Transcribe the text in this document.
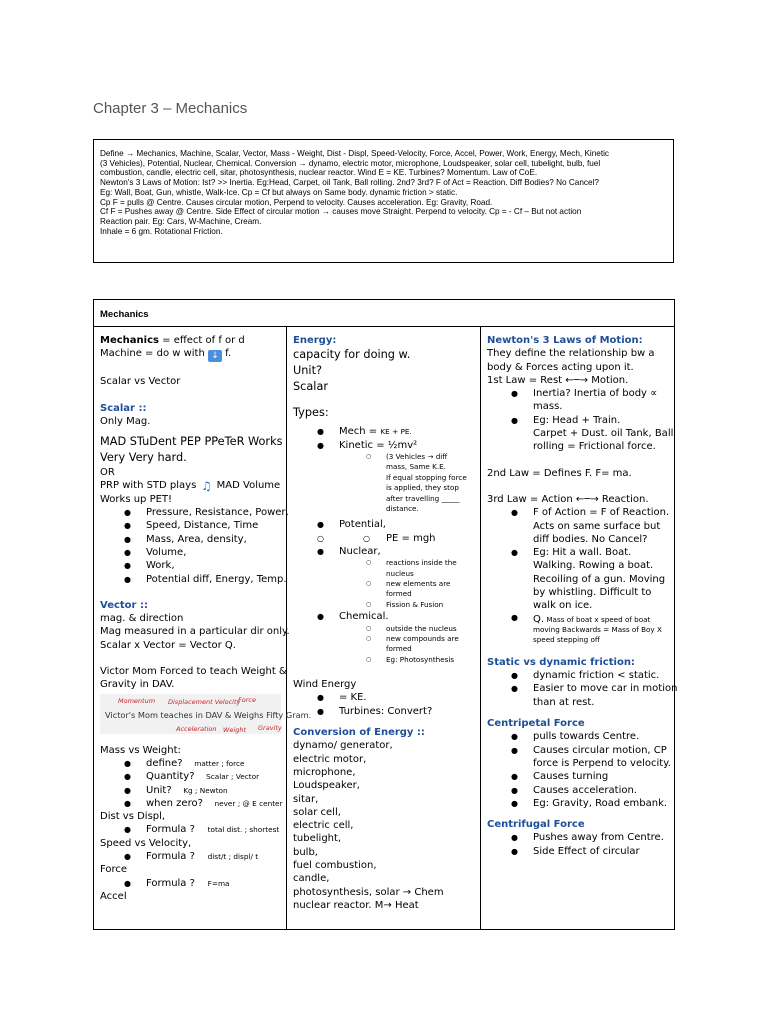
Chapter 3 – Mechanics
Define → Mechanics, Machine, Scalar, Vector, Mass - Weight, Dist - Displ, Speed-Velocity, Force, Accel, Power, Work, Energy, Mech, Kinetic
(3 Vehicles), Potential, Nuclear, Chemical. Conversion → dynamo, electric motor, microphone, Loudspeaker, solar cell, tubelight, bulb, fuel
combustion, candle, electric cell, sitar, photosynthesis, nuclear reactor. Wind E = KE. Turbines? Momentum. Law of CoE.
Newton's 3 Laws of Motion: Ist? >> Inertia. Eg:Head, Carpet, oil Tank, Ball rolling. 2nd? 3rd? F of Act = Reaction. Diff Bodies? No Cancel?
Eg: Wall, Boat, Gun, whistle, Walk-Ice. Cp = Cf but always on Same body. dynamic friction > static.
Cp F = pulls @ Centre. Causes circular motion, Perpend to velocity. Causes acceleration. Eg: Gravity, Road.
Cf F = Pushes away @ Centre. Side Effect of circular motion → causes move Straight. Perpend to velocity. Cp = - Cf – But not action
Reaction pair. Eg: Cars, W-Machine, Cream.
Inhale = 6 gm. Rotational Friction.
Mechanics
Mechanics = effect of f or d
Machine = do w with ↓ f.
Scalar vs Vector
Scalar ::
Only Mag.
MAD STuDent PEP PPeTeR Works
Very Very hard.
OR
PRP with STD plays ♫ MAD Volume
Works up PET!
● Pressure, Resistance, Power,
● Speed, Distance, Time
● Mass, Area, density,
● Volume,
● Work,
● Potential diff, Energy, Temp.
Vector ::
mag. & direction
Mag measured in a particular dir only.
Scalar x Vector = Vector Q.
Victor Mom Forced to teach Weight &
Gravity in DAV.
Momentum Displacement Velocity
Force
Victor's Mom teaches in DAV & Weighs Fifty Gram.
Acceleration Weight Gravity
Mass vs Weight:
● define?     matter ; force
● Quantity?     Scalar ; Vector
● Unit?     Kg ; Newton
● when zero?     never ; @ E center
Dist vs Displ,
● Formula ? total dist. ; shortest
Speed vs Velocity,
● Formula ? dist/t ; displ/ t
Force
● Formula ? F=ma
Accel
Energy:
capacity for doing w.
Unit?
Scalar
Types:
● Mech = KE + PE.
● Kinetic = ½mv²
○ (3 Vehicles → diff
mass, Same K.E.
If equal stopping force
is applied, they stop
after travelling _____
distance.
● Potential,
○ ○ PE = mgh
● Nuclear,
○ reactions inside the
nucleus
○ new elements are
formed
○ Fission & Fusion
● Chemical.
○ outside the nucleus
○ new compounds are
formed
○ Eg: Photosynthesis
Wind Energy
● = KE.
● Turbines: Convert?
Conversion of Energy ::
dynamo/ generator,
electric motor,
microphone,
Loudspeaker,
sitar,
solar cell,
electric cell,
tubelight,
bulb,
fuel combustion,
candle,
photosynthesis, solar → Chem
nuclear reactor. M→ Heat
Newton's 3 Laws of Motion:
They define the relationship bw a
body & Forces acting upon it.
1st Law = Rest ←─→ Motion.
● Inertia? Inertia of body ∝
mass.
● Eg: Head + Train.
Carpet + Dust. oil Tank, Ball
rolling = Frictional force.
2nd Law = Defines F. F= ma.
3rd Law = Action ←─→ Reaction.
● F of Action = F of Reaction.
Acts on same surface but
diff bodies. No Cancel?
● Eg: Hit a wall. Boat.
Walking. Rowing a boat.
Recoiling of a gun. Moving
by whistling. Difficult to
walk on ice.
● Q. Mass of boat x speed of boat
moving Backwards = Mass of Boy X
speed stepping off
Static vs dynamic friction:
● dynamic friction < static.
● Easier to move car in motion
than at rest.
Centripetal Force
● pulls towards Centre.
● Causes circular motion, CP
force is Perpend to velocity.
● Causes turning
● Causes acceleration.
● Eg: Gravity, Road embank.
Centrifugal Force
● Pushes away from Centre.
● Side Effect of circular
